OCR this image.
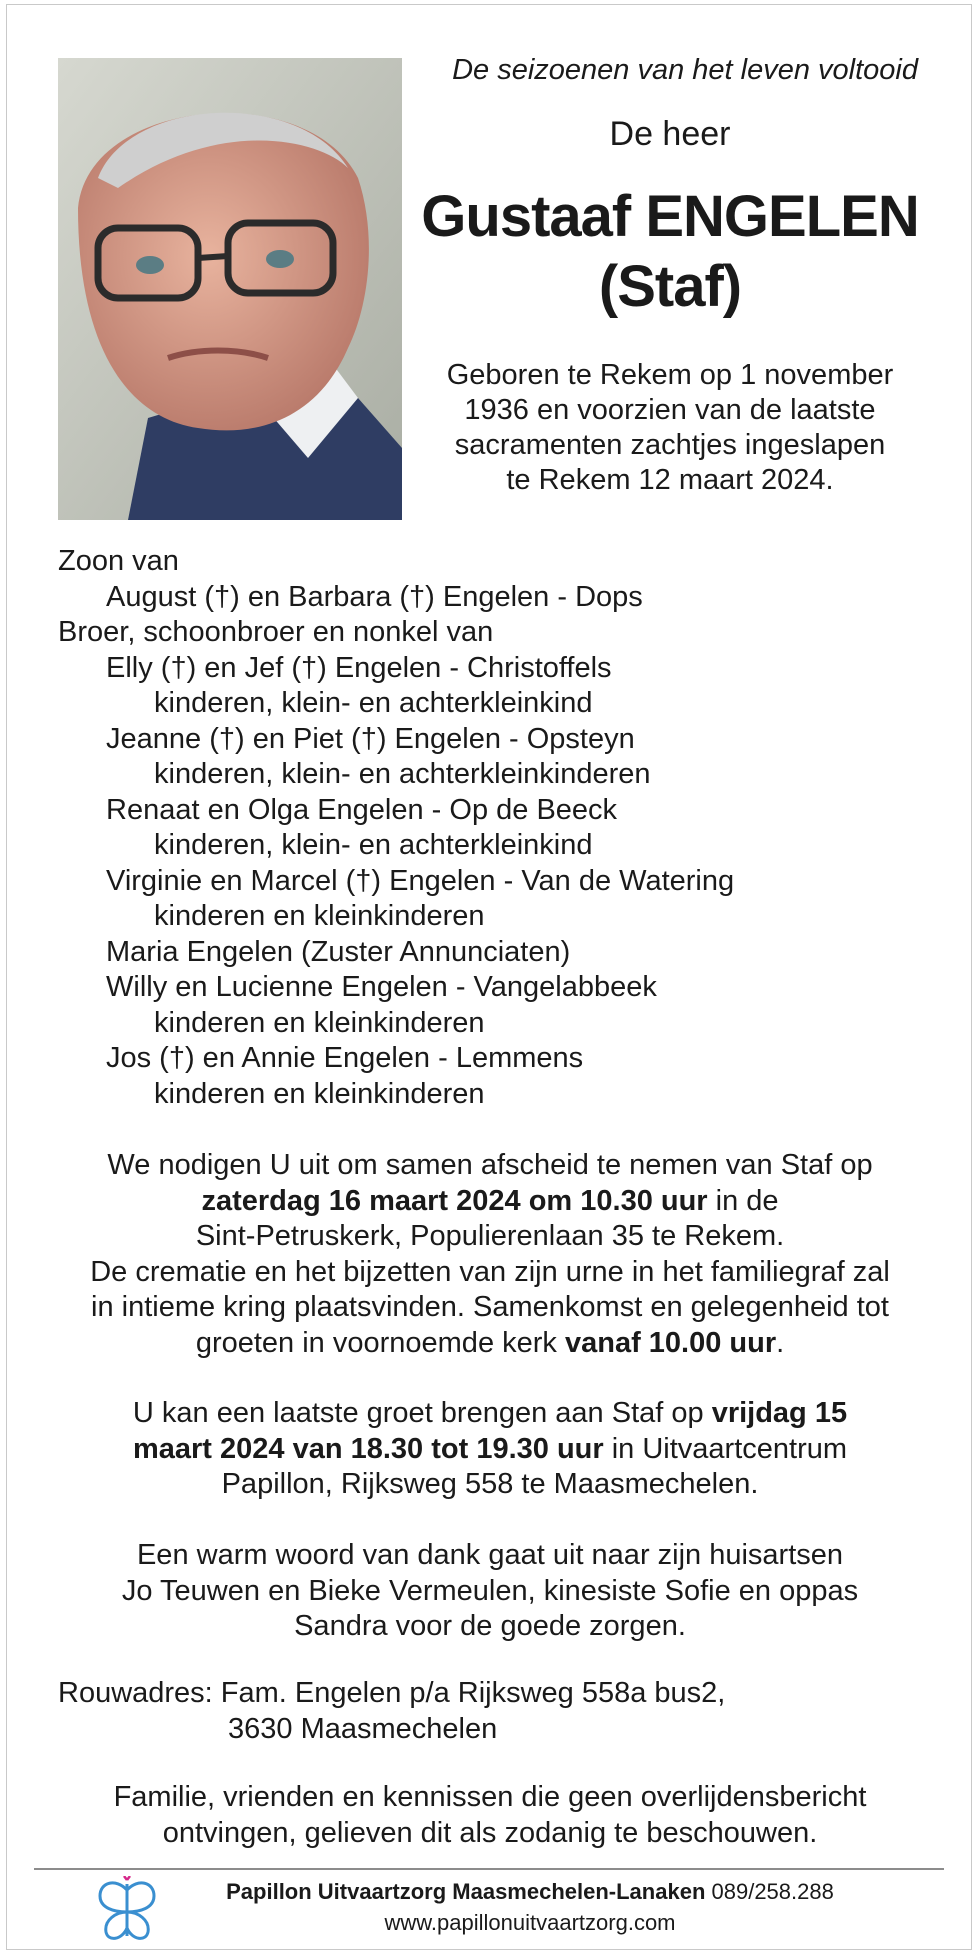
De seizoenen van het leven voltooid

De heer
Gustaaf ENGELEN
(Staf)
Geboren te Rekem op 1 november
1936 en voorzien van de laatste
sacramenten zachtjes ingeslapen
te Rekem 12 maart 2024.
Zoon van
August (†) en Barbara (†) Engelen - Dops
Broer, schoonbroer en nonkel van
Elly (†) en Jef (†) Engelen - Christoffels
kinderen, klein- en achterkleinkind
Jeanne (†) en Piet (†) Engelen - Opsteyn
kinderen, klein- en achterkleinkinderen
Renaat en Olga Engelen - Op de Beeck
kinderen, klein- en achterkleinkind
Virginie en Marcel (†) Engelen - Van de Watering
kinderen en kleinkinderen
Maria Engelen (Zuster Annunciaten)
Willy en Lucienne Engelen - Vangelabbeek
kinderen en kleinkinderen
Jos (†) en Annie Engelen - Lemmens
kinderen en kleinkinderen
We nodigen U uit om samen afscheid te nemen van Staf op
zaterdag 16 maart 2024 om 10.30 uur in de
Sint-Petruskerk, Populierenlaan 35 te Rekem.
De crematie en het bijzetten van zijn urne in het familiegraf zal
in intieme kring plaatsvinden. Samenkomst en gelegenheid tot
groeten in voornoemde kerk vanaf 10.00 uur.
U kan een laatste groet brengen aan Staf op vrijdag 15
maart 2024 van 18.30 tot 19.30 uur in Uitvaartcentrum
Papillon, Rijksweg 558 te Maasmechelen.
Een warm woord van dank gaat uit naar zijn huisartsen
Jo Teuwen en Bieke Vermeulen, kinesiste Sofie en oppas
Sandra voor de goede zorgen.
Rouwadres: Fam. Engelen p/a Rijksweg 558a bus2,
3630 Maasmechelen
Familie, vrienden en kennissen die geen overlijdensbericht
ontvingen, gelieven dit als zodanig te beschouwen.
Papillon Uitvaartzorg Maasmechelen-Lanaken 089/258.288
www.papillonuitvaartzorg.com
